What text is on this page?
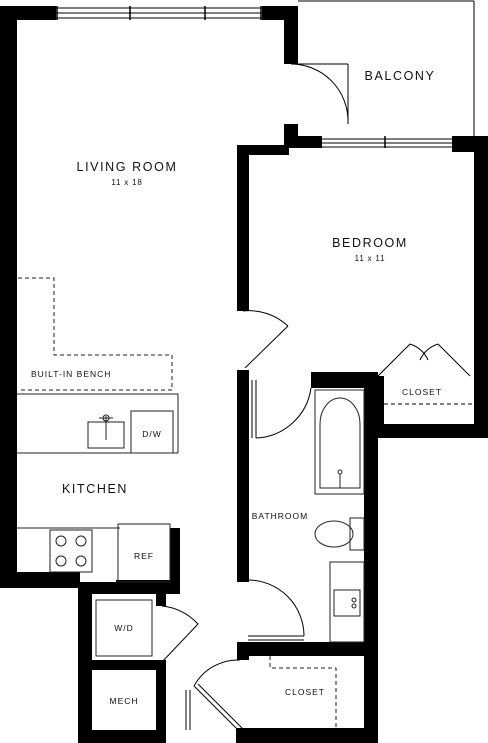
BALCONY
LIVING ROOM
11 x 18
BEDROOM
11 x 11
CLOSET
BUILT-IN BENCH
D/W
KITCHEN
BATHROOM
REF
W/D
MECH
CLOSET
